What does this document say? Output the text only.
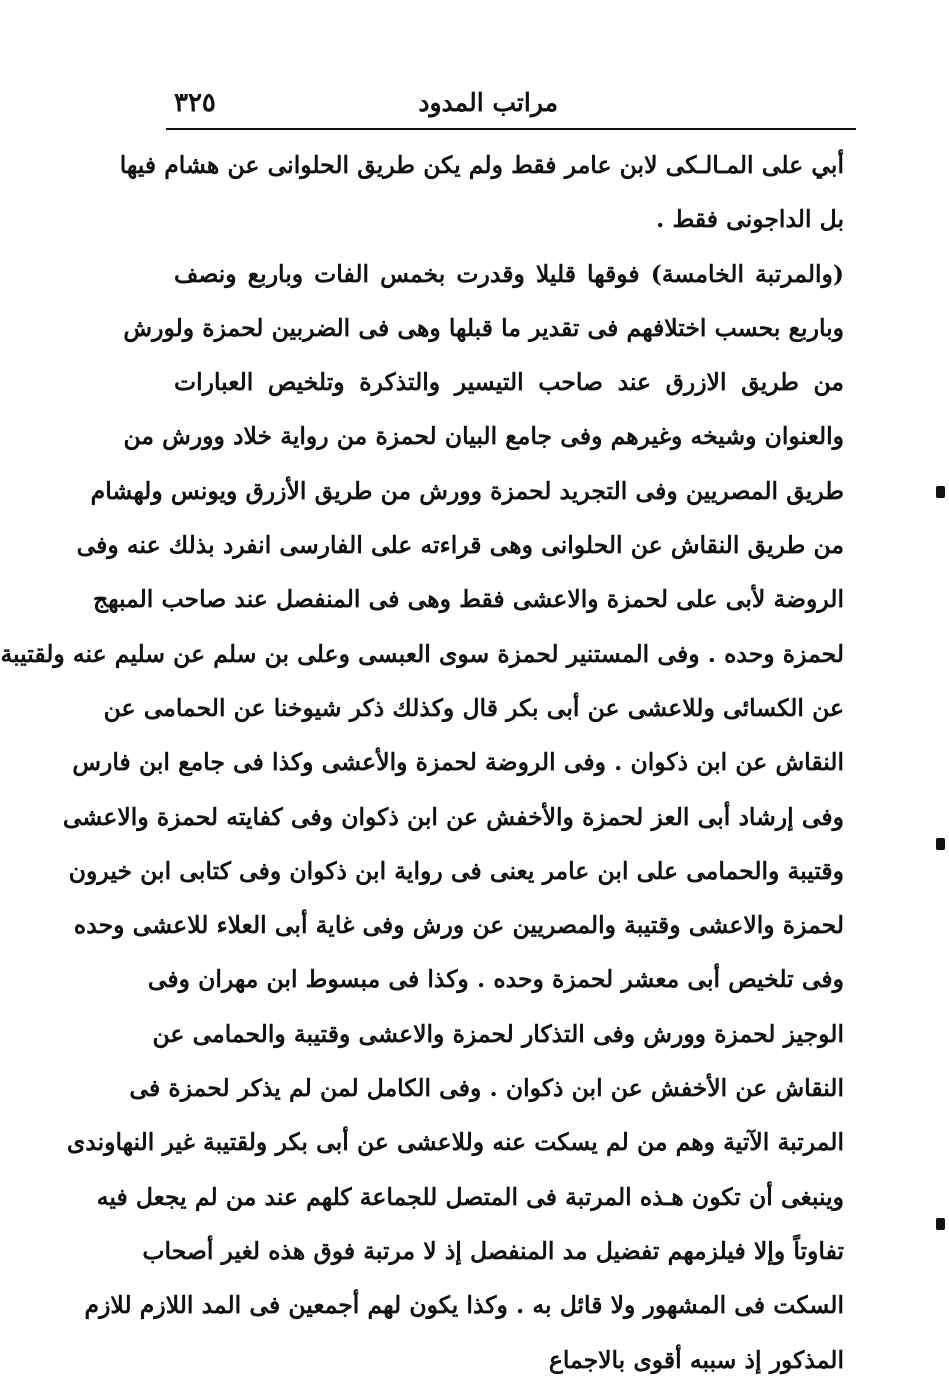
مراتب المدود
٣٢٥
أبي على المـالـكى لابن عامر فقط ولم يكن طريق الحلوانى عن هشام فيها
بل الداجونى فقط .
(والمرتبة الخامسة) فوقها قليلا وقدرت بخمس الفات وباربع ونصف
وباربع بحسب اختلافهم فى تقدير ما قبلها وهى فى الضربين لحمزة ولورش
من طريق الازرق عند صاحب التيسير والتذكرة وتلخيص العبارات
والعنوان وشيخه وغيرهم وفى جامع البيان لحمزة من رواية خلاد وورش من
طريق المصريين وفى التجريد لحمزة وورش من طريق الأزرق ويونس ولهشام
من طريق النقاش عن الحلوانى وهى قراءته على الفارسى انفرد بذلك عنه وفى
الروضة لأبى على لحمزة والاعشى فقط وهى فى المنفصل عند صاحب المبهج
لحمزة وحده . وفى المستنير لحمزة سوى العبسى وعلى بن سلم عن سليم عنه ولقتيبة
عن الكسائى وللاعشى عن أبى بكر قال وكذلك ذكر شيوخنا عن الحمامى عن
النقاش عن ابن ذكوان . وفى الروضة لحمزة والأعشى وكذا فى جامع ابن فارس
وفى إرشاد أبى العز لحمزة والأخفش عن ابن ذكوان وفى كفايته لحمزة والاعشى
وقتيبة والحمامى على ابن عامر يعنى فى رواية ابن ذكوان وفى كتابى ابن خيرون
لحمزة والاعشى وقتيبة والمصريين عن ورش وفى غاية أبى العلاء للاعشى وحده
وفى تلخيص أبى معشر لحمزة وحده . وكذا فى مبسوط ابن مهران وفى
الوجيز لحمزة وورش وفى التذكار لحمزة والاعشى وقتيبة والحمامى عن
النقاش عن الأخفش عن ابن ذكوان . وفى الكامل لمن لم يذكر لحمزة فى
المرتبة الآتية وهم من لم يسكت عنه وللاعشى عن أبى بكر ولقتيبة غير النهاوندى
وينبغى أن تكون هـذه المرتبة فى المتصل للجماعة كلهم عند من لم يجعل فيه
تفاوتاً وإلا فيلزمهم تفضيل مد المنفصل إذ لا مرتبة فوق هذه لغير أصحاب
السكت فى المشهور ولا قائل به . وكذا يكون لهم أجمعين فى المد اللازم للازم
المذكور إذ سببه أقوى بالاجماع
